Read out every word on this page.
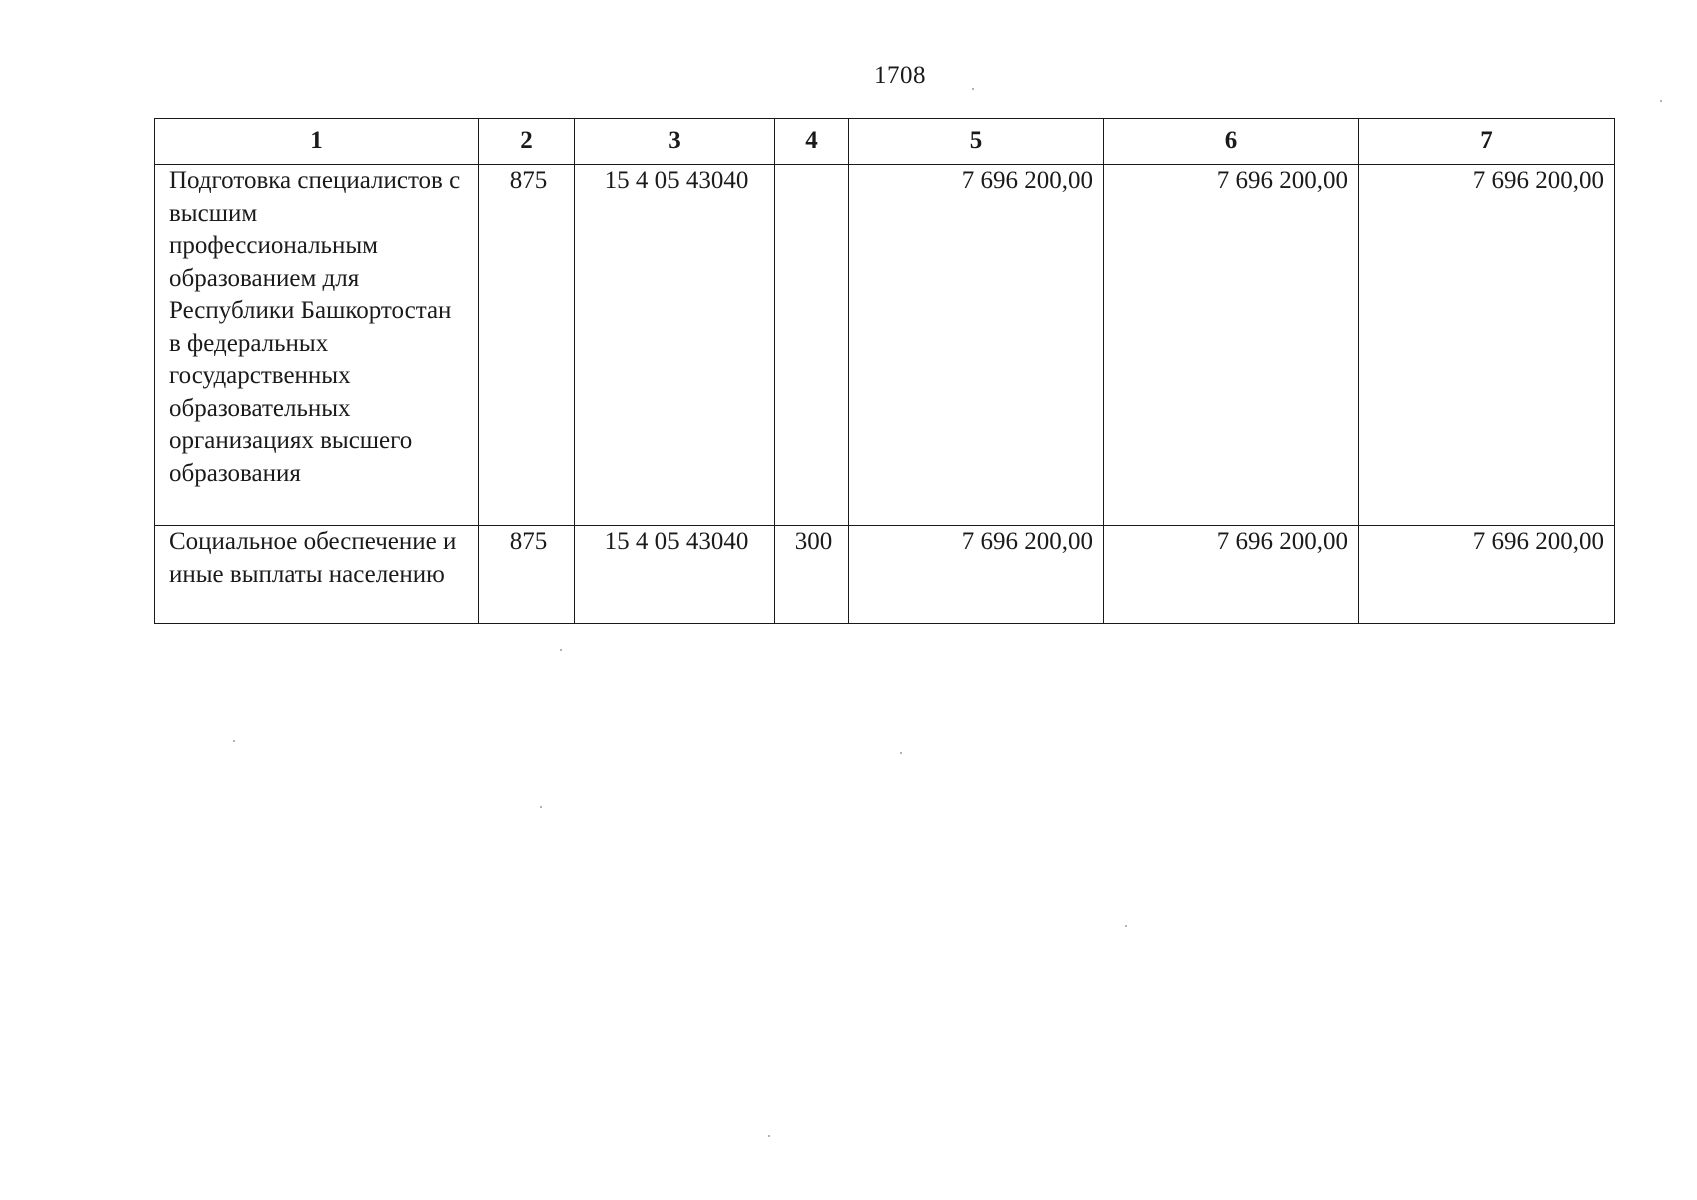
1708
1	2	3	4	5	6	7
Подготовка специалистов с высшим профессиональным образованием для Республики Башкортостан в федеральных государственных образовательных организациях высшего образования	875	15 4 05 43040		7 696 200,00	7 696 200,00	7 696 200,00
Социальное обеспечение и иные выплаты населению	875	15 4 05 43040	300	7 696 200,00	7 696 200,00	7 696 200,00
